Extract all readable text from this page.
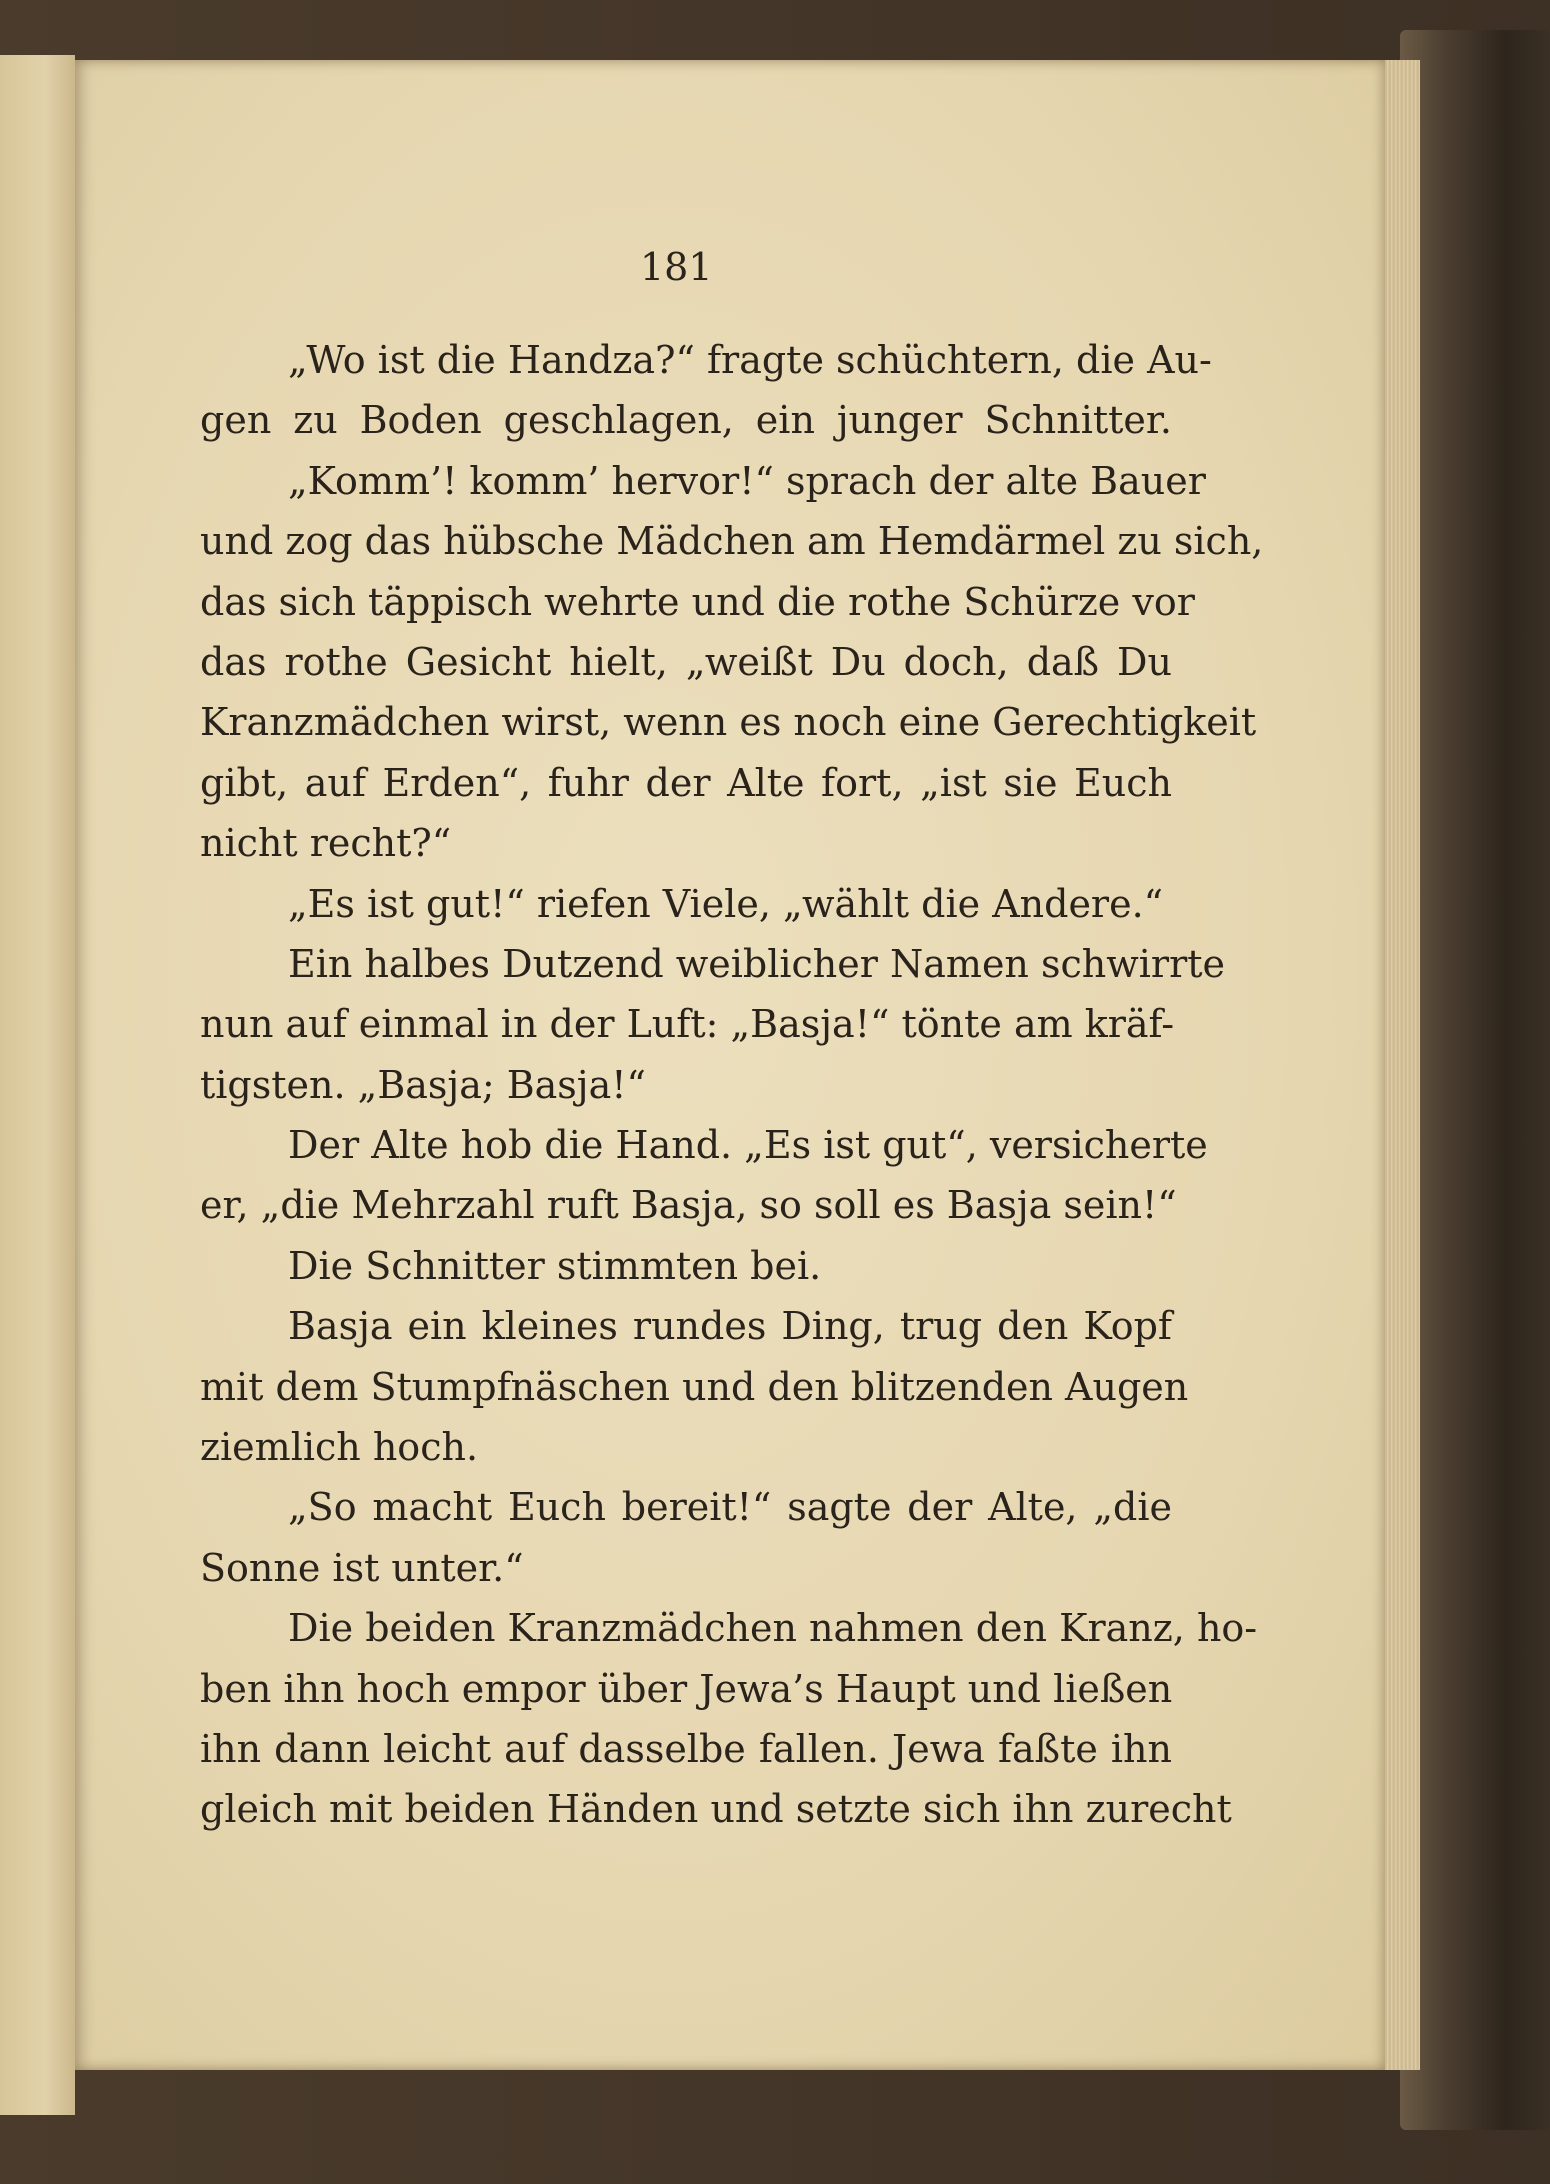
181
„Wo ist die Handza?“ fragte schüchtern, die Au-
gen zu Boden geschlagen, ein junger Schnitter.
„Komm’! komm’ hervor!“ sprach der alte Bauer
und zog das hübsche Mädchen am Hemdärmel zu sich,
das sich täppisch wehrte und die rothe Schürze vor
das rothe Gesicht hielt, „weißt Du doch, daß Du
Kranzmädchen wirst, wenn es noch eine Gerechtigkeit
gibt, auf Erden“, fuhr der Alte fort, „ist sie Euch
nicht recht?“
„Es ist gut!“ riefen Viele, „wählt die Andere.“
Ein halbes Dutzend weiblicher Namen schwirrte
nun auf einmal in der Luft: „Basja!“ tönte am kräf-
tigsten. „Basja; Basja!“
Der Alte hob die Hand. „Es ist gut“, versicherte
er, „die Mehrzahl ruft Basja, so soll es Basja sein!“
Die Schnitter stimmten bei.
Basja ein kleines rundes Ding, trug den Kopf
mit dem Stumpfnäschen und den blitzenden Augen
ziemlich hoch.
„So macht Euch bereit!“ sagte der Alte, „die
Sonne ist unter.“
Die beiden Kranzmädchen nahmen den Kranz, ho-
ben ihn hoch empor über Jewa’s Haupt und ließen
ihn dann leicht auf dasselbe fallen. Jewa faßte ihn
gleich mit beiden Händen und setzte sich ihn zurecht
